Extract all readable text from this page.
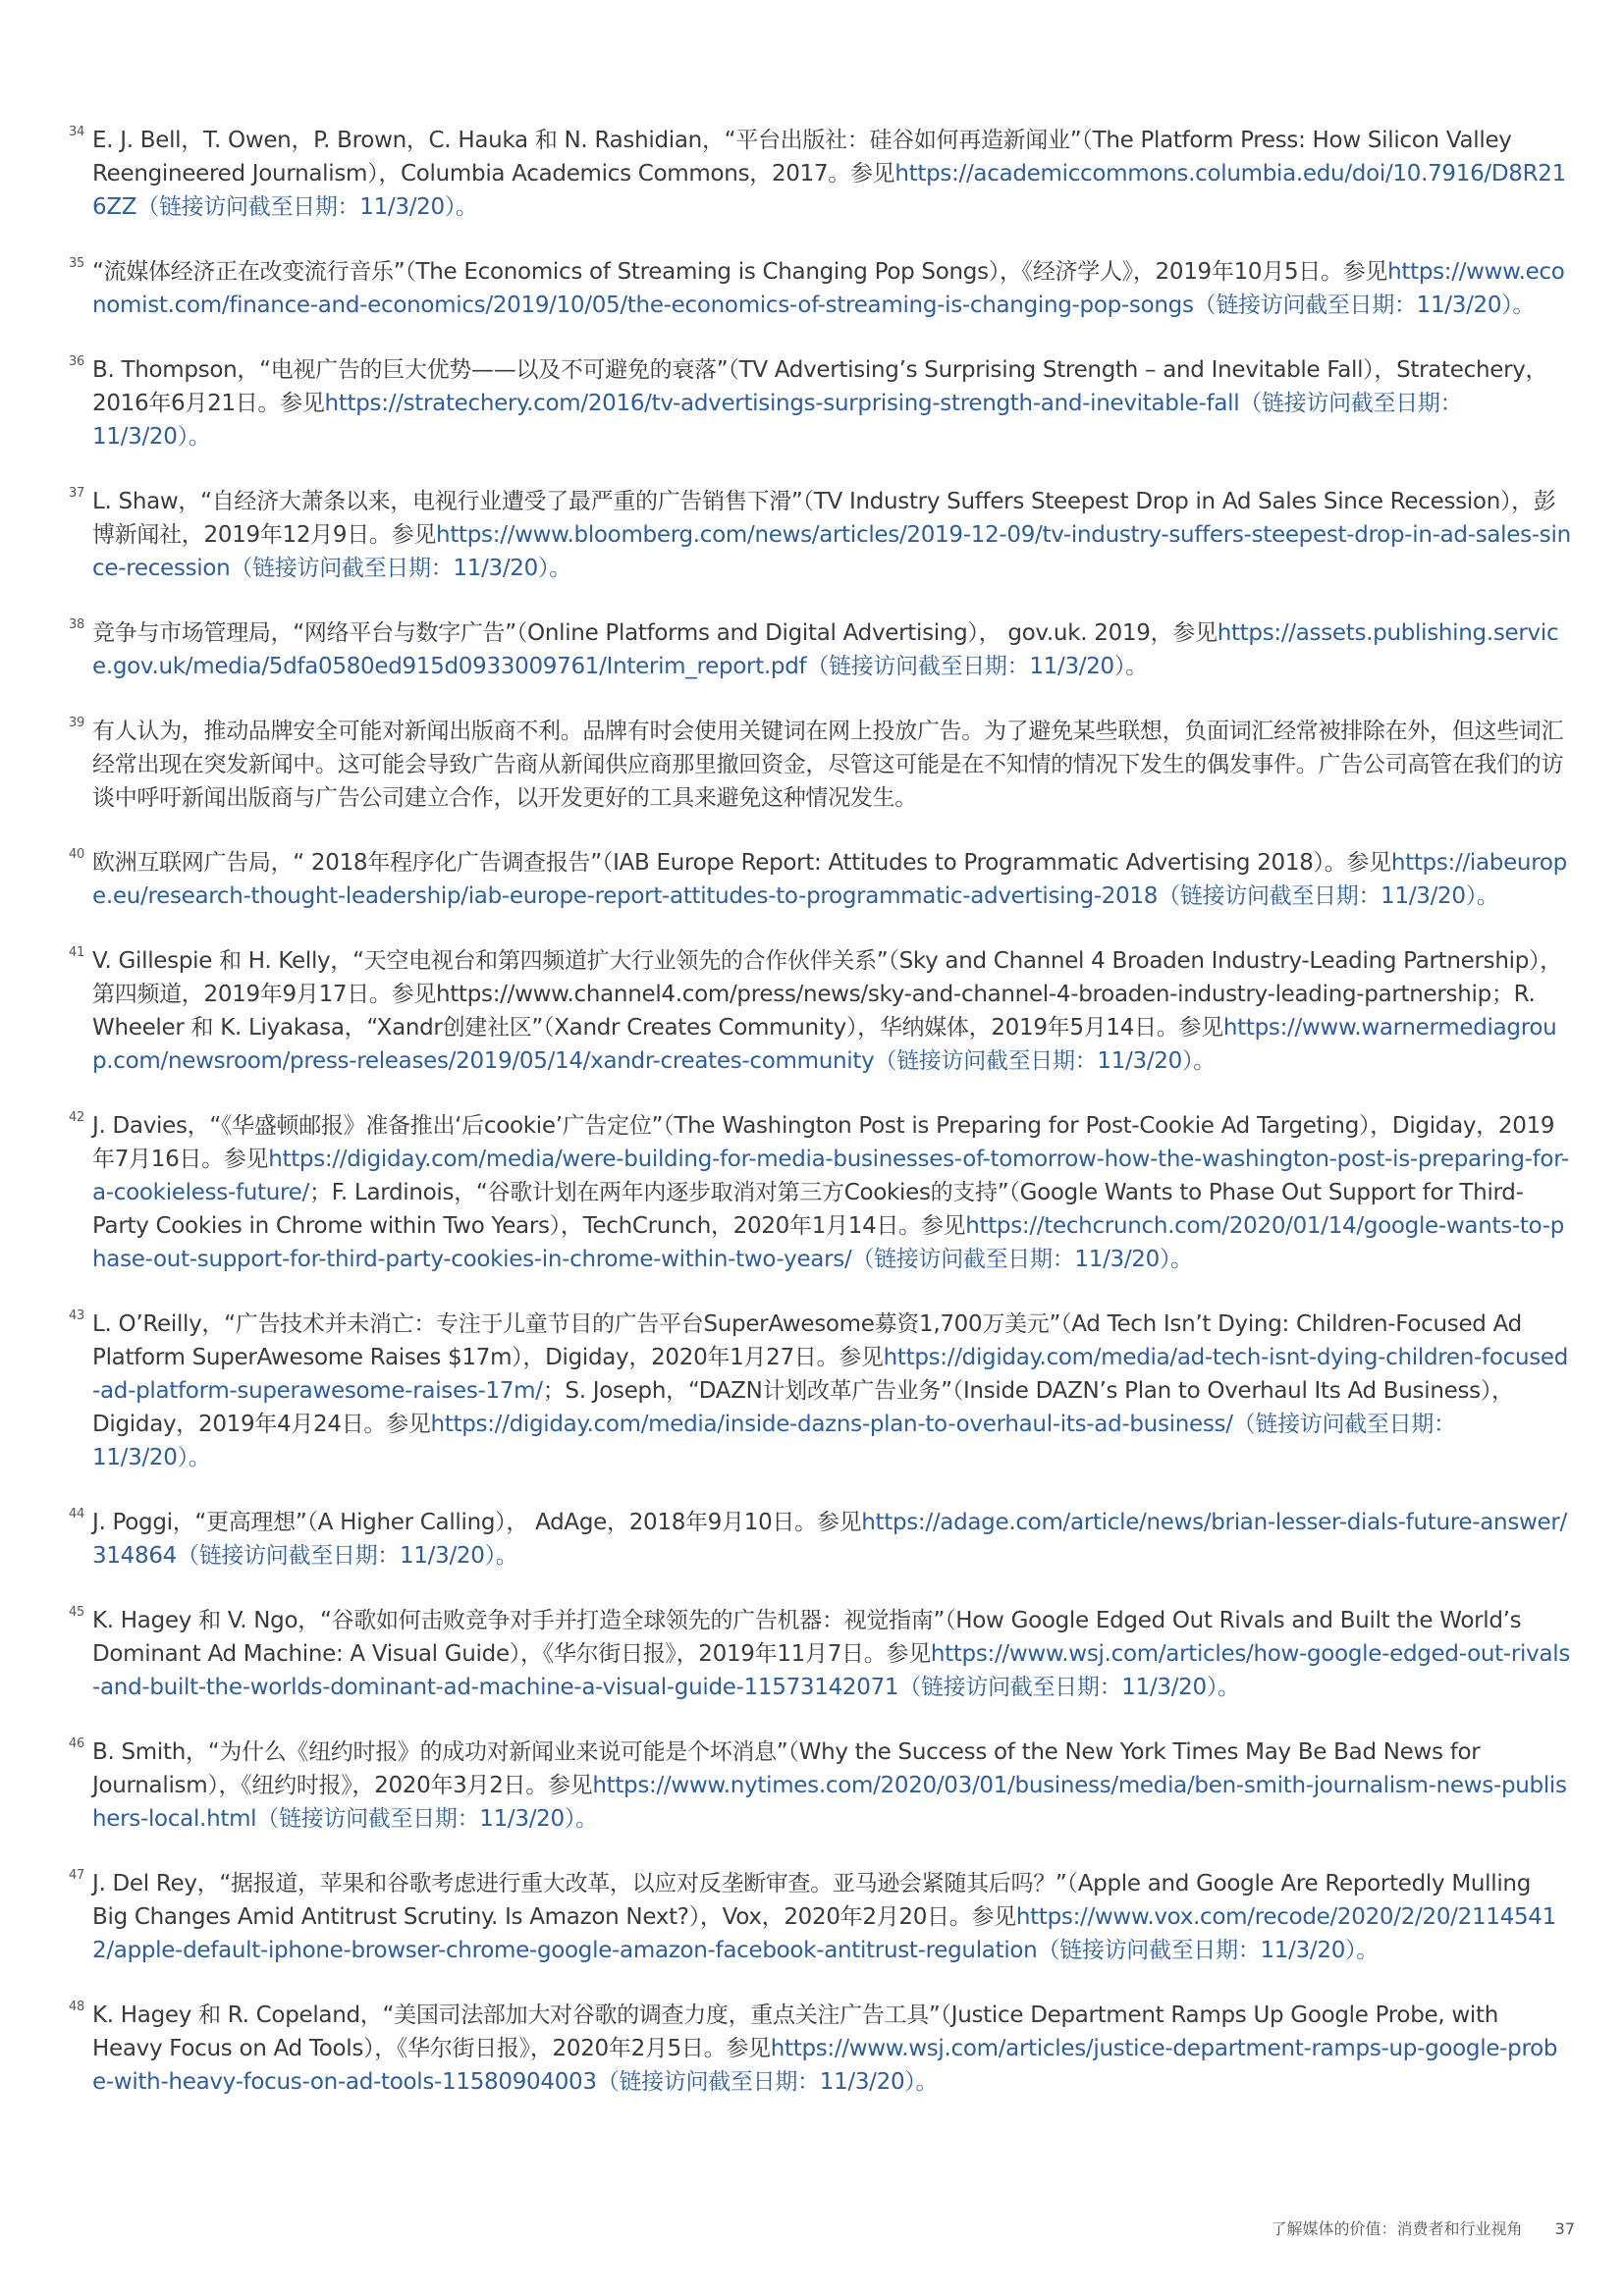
34 E. J. Bell，T. Owen，P. Brown，C. Hauka 和 N. Rashidian，“平台出版社：硅谷如何再造新闻业”（The Platform Press: How Silicon Valley Reengineered Journalism），Columbia Academics Commons，2017。参见https://academiccommons.columbia.edu/doi/10.7916/D8R216ZZ（链接访问截至日期：11/3/20）。
35 “流媒体经济正在改变流行音乐”（The Economics of Streaming is Changing Pop Songs），《经济学人》，2019年10月5日。参见https://www.economist.com/finance-and-economics/2019/10/05/the-economics-of-streaming-is-changing-pop-songs（链接访问截至日期：11/3/20）。
36 B. Thompson，“电视广告的巨大优势——以及不可避免的衰落”（TV Advertising’s Surprising Strength – and Inevitable Fall），Stratechery，2016年6月21日。参见https://stratechery.com/2016/tv-advertisings-surprising-strength-and-inevitable-fall（链接访问截至日期：11/3/20）。
37 L. Shaw，“自经济大萧条以来，电视行业遭受了最严重的广告销售下滑”（TV Industry Suffers Steepest Drop in Ad Sales Since Recession），彭博新闻社，2019年12月9日。参见https://www.bloomberg.com/news/articles/2019-12-09/tv-industry-suffers-steepest-drop-in-ad-sales-since-recession（链接访问截至日期：11/3/20）。
38 竞争与市场管理局，“网络平台与数字广告”（Online Platforms and Digital Advertising）， gov.uk. 2019，参见https://assets.publishing.service.gov.uk/media/5dfa0580ed915d0933009761/Interim_report.pdf（链接访问截至日期：11/3/20）。
39 有人认为，推动品牌安全可能对新闻出版商不利。品牌有时会使用关键词在网上投放广告。为了避免某些联想，负面词汇经常被排除在外，但这些词汇经常出现在突发新闻中。这可能会导致广告商从新闻供应商那里撤回资金，尽管这可能是在不知情的情况下发生的偶发事件。广告公司高管在我们的访谈中呼吁新闻出版商与广告公司建立合作，以开发更好的工具来避免这种情况发生。
40 欧洲互联网广告局，“ 2018年程序化广告调查报告”（IAB Europe Report: Attitudes to Programmatic Advertising 2018）。参见https://iabeurope.eu/research-thought-leadership/iab-europe-report-attitudes-to-programmatic-advertising-2018（链接访问截至日期：11/3/20）。
41 V. Gillespie 和 H. Kelly，“天空电视台和第四频道扩大行业领先的合作伙伴关系”（Sky and Channel 4 Broaden Industry-Leading Partnership），第四频道，2019年9月17日。参见https://www.channel4.com/press/news/sky-and-channel-4-broaden-industry-leading-partnership；R. Wheeler 和 K. Liyakasa，“Xandr创建社区”（Xandr Creates Community），华纳媒体，2019年5月14日。参见https://www.warnermediagroup.com/newsroom/press-releases/2019/05/14/xandr-creates-community（链接访问截至日期：11/3/20）。
42 J. Davies，“《华盛顿邮报》准备推出‘后cookie’广告定位”（The Washington Post is Preparing for Post-Cookie Ad Targeting），Digiday，2019年7月16日。参见https://digiday.com/media/were-building-for-media-businesses-of-tomorrow-how-the-washington-post-is-preparing-for-a-cookieless-future/；F. Lardinois，“谷歌计划在两年内逐步取消对第三方Cookies的支持”（Google Wants to Phase Out Support for Third-Party Cookies in Chrome within Two Years），TechCrunch，2020年1月14日。参见https://techcrunch.com/2020/01/14/google-wants-to-phase-out-support-for-third-party-cookies-in-chrome-within-two-years/（链接访问截至日期：11/3/20）。
43 L. O’Reilly，“广告技术并未消亡：专注于儿童节目的广告平台SuperAwesome募资1,700万美元”（Ad Tech Isn’t Dying: Children-Focused Ad Platform SuperAwesome Raises $17m），Digiday，2020年1月27日。参见https://digiday.com/media/ad-tech-isnt-dying-children-focused-ad-platform-superawesome-raises-17m/；S. Joseph，“DAZN计划改革广告业务”（Inside DAZN’s Plan to Overhaul Its Ad Business），Digiday，2019年4月24日。参见https://digiday.com/media/inside-dazns-plan-to-overhaul-its-ad-business/（链接访问截至日期：11/3/20）。
44 J. Poggi，“更高理想”（A Higher Calling）， AdAge，2018年9月10日。参见https://adage.com/article/news/brian-lesser-dials-future-answer/314864（链接访问截至日期：11/3/20）。
45 K. Hagey 和 V. Ngo，“谷歌如何击败竞争对手并打造全球领先的广告机器：视觉指南”（How Google Edged Out Rivals and Built the World’s Dominant Ad Machine: A Visual Guide），《华尔街日报》，2019年11月7日。参见https://www.wsj.com/articles/how-google-edged-out-rivals-and-built-the-worlds-dominant-ad-machine-a-visual-guide-11573142071（链接访问截至日期：11/3/20）。
46 B. Smith，“为什么《纽约时报》的成功对新闻业来说可能是个坏消息”（Why the Success of the New York Times May Be Bad News for Journalism），《纽约时报》，2020年3月2日。参见https://www.nytimes.com/2020/03/01/business/media/ben-smith-journalism-news-publishers-local.html（链接访问截至日期：11/3/20）。
47 J. Del Rey，“据报道，苹果和谷歌考虑进行重大改革，以应对反垄断审查。亚马逊会紧随其后吗？”（Apple and Google Are Reportedly Mulling Big Changes Amid Antitrust Scrutiny. Is Amazon Next?），Vox，2020年2月20日。参见https://www.vox.com/recode/2020/2/20/21145412/apple-default-iphone-browser-chrome-google-amazon-facebook-antitrust-regulation（链接访问截至日期：11/3/20）。
48 K. Hagey 和 R. Copeland，“美国司法部加大对谷歌的调查力度，重点关注广告工具”（Justice Department Ramps Up Google Probe, with Heavy Focus on Ad Tools），《华尔街日报》，2020年2月5日。参见https://www.wsj.com/articles/justice-department-ramps-up-google-probe-with-heavy-focus-on-ad-tools-11580904003（链接访问截至日期：11/3/20）。
了解媒体的价值：消费者和行业视角 37
